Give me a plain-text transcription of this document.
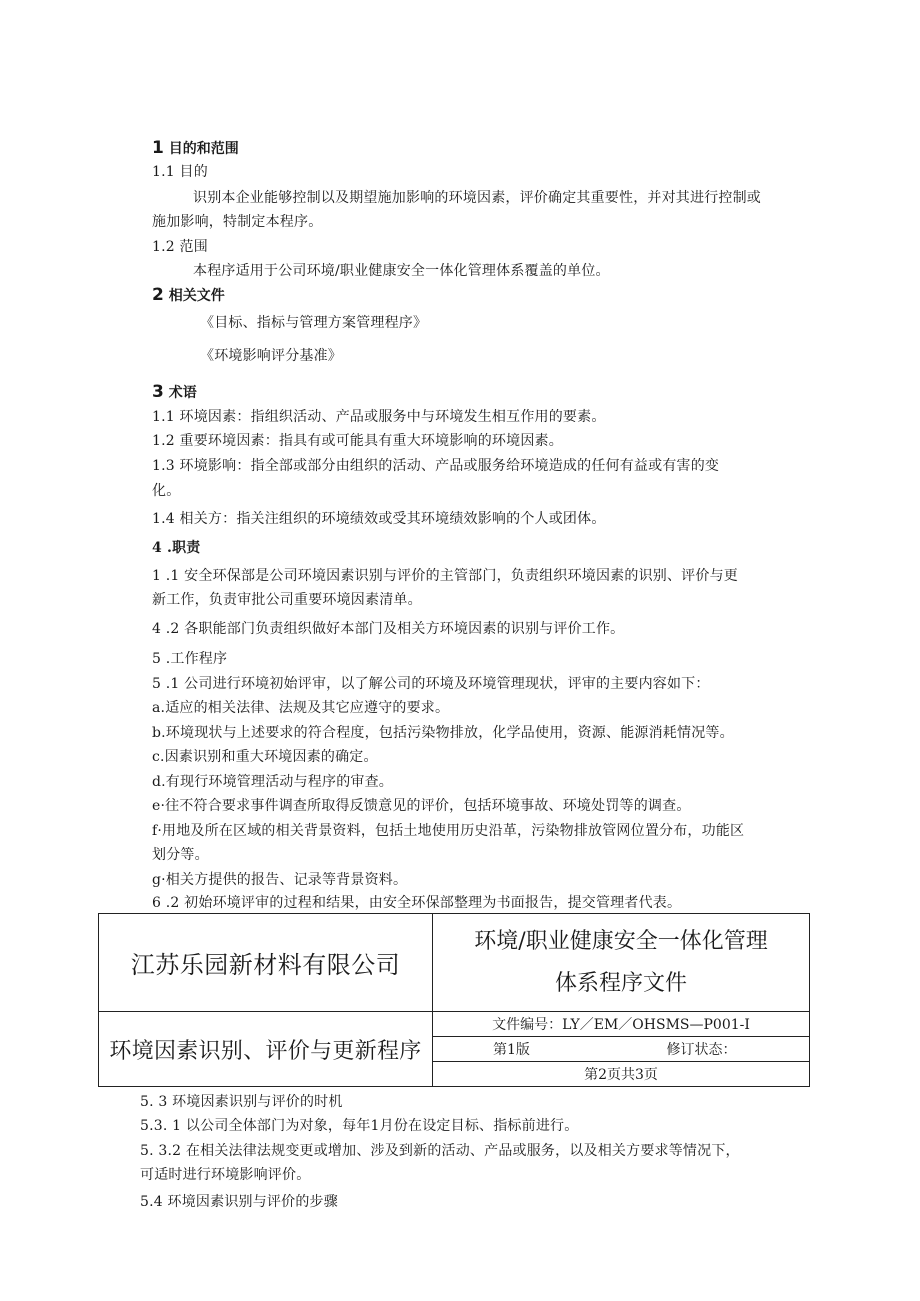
1 目的和范围
1.1 目的
识别本企业能够控制以及期望施加影响的环境因素，评价确定其重要性，并对其进行控制或
施加影响，特制定本程序。
1.2 范围
本程序适用于公司环境/职业健康安全一体化管理体系覆盖的单位。
2 相关文件
《目标、指标与管理方案管理程序》
《环境影响评分基准》
3 术语
1.1 环境因素：指组织活动、产品或服务中与环境发生相互作用的要素。
1.2 重要环境因素：指具有或可能具有重大环境影响的环境因素。
1.3 环境影响：指全部或部分由组织的活动、产品或服务给环境造成的任何有益或有害的变
化。
1.4 相关方：指关注组织的环境绩效或受其环境绩效影响的个人或团体。
4 .职责
1 .1 安全环保部是公司环境因素识别与评价的主管部门，负责组织环境因素的识别、评价与更
新工作，负责审批公司重要环境因素清单。
4 .2 各职能部门负责组织做好本部门及相关方环境因素的识别与评价工作。
5 .工作程序
5 .1 公司进行环境初始评审，以了解公司的环境及环境管理现状，评审的主要内容如下：
a.适应的相关法律、法规及其它应遵守的要求。
b.环境现状与上述要求的符合程度，包括污染物排放，化学品使用，资源、能源消耗情况等。
c.因素识别和重大环境因素的确定。
d.有现行环境管理活动与程序的审查。
e·往不符合要求事件调查所取得反馈意见的评价，包括环境事故、环境处罚等的调查。
f·用地及所在区域的相关背景资料，包括土地使用历史沿革，污染物排放管网位置分布，功能区
划分等。
g·相关方提供的报告、记录等背景资料。
6 .2 初始环境评审的过程和结果，由安全环保部整理为书面报告，提交管理者代表。
江苏乐园新材料有限公司	环境/职业健康安全一体化管理
体系程序文件	

环境因素识别、评价与更新程序	文件编号：LY／EM／OHSMS—P001-I	
	第1版	修订状态：
	第2页共3页	
5. 3 环境因素识别与评价的时机
5.3. 1 以公司全体部门为对象，每年1月份在设定目标、指标前进行。
5. 3.2 在相关法律法规变更或增加、涉及到新的活动、产品或服务，以及相关方要求等情况下，
可适时进行环境影响评价。
5.4 环境因素识别与评价的步骤
